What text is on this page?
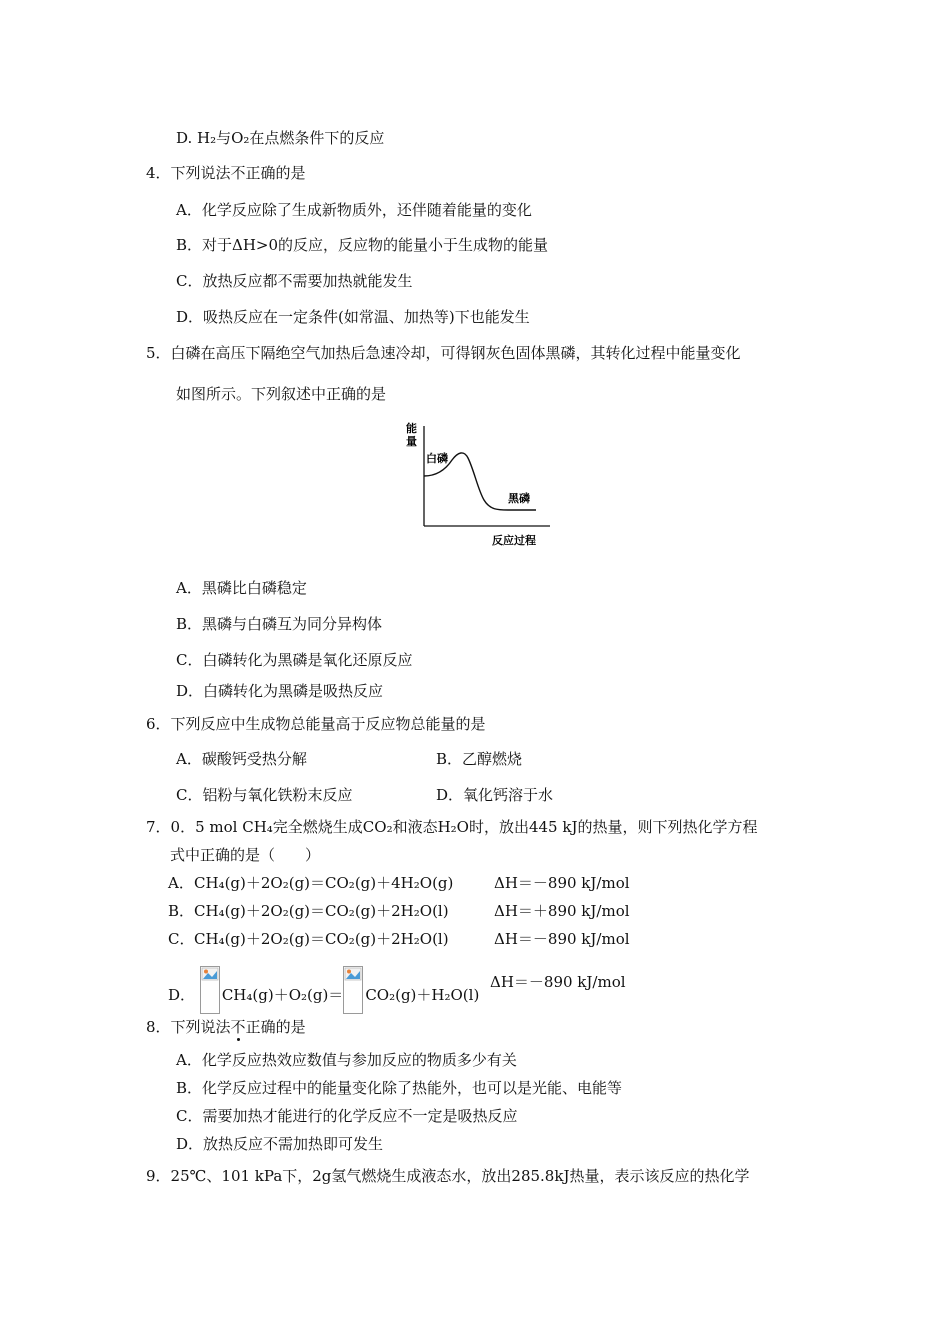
D. H₂与O₂在点燃条件下的反应
4．下列说法不正确的是
A．化学反应除了生成新物质外，还伴随着能量的变化
B．对于ΔH>0的反应，反应物的能量小于生成物的能量
C．放热反应都不需要加热就能发生
D．吸热反应在一定条件(如常温、加热等)下也能发生
5．白磷在高压下隔绝空气加热后急速冷却，可得钢灰色固体黑磷，其转化过程中能量变化
如图所示。下列叙述中正确的是
能
量
白磷
黑磷
反应过程
A．黑磷比白磷稳定
B．黑磷与白磷互为同分异构体
C．白磷转化为黑磷是氧化还原反应
D．白磷转化为黑磷是吸热反应
6．下列反应中生成物总能量高于反应物总能量的是
A．碳酸钙受热分解	B．乙醇燃烧
C．铝粉与氧化铁粉末反应	D．氧化钙溶于水
7．0．5 mol CH₄完全燃烧生成CO₂和液态H₂O时，放出445 kJ的热量，则下列热化学方程
式中正确的是（　　）
A． CH₄(g)＋2O₂(g)＝CO₂(g)＋4H₂O(g)	ΔH＝－890 kJ/mol
B． CH₄(g)＋2O₂(g)＝CO₂(g)＋2H₂O(l)	ΔH＝＋890 kJ/mol
C． CH₄(g)＋2O₂(g)＝CO₂(g)＋2H₂O(l)	ΔH＝－890 kJ/mol
D． CH₄(g)＋O₂(g)＝ CO₂(g)＋H₂O(l)
ΔH＝－890 kJ/mol
8．下列说法不正确的是
A．化学反应热效应数值与参加反应的物质多少有关
B．化学反应过程中的能量变化除了热能外，也可以是光能、电能等
C．需要加热才能进行的化学反应不一定是吸热反应
D．放热反应不需加热即可发生
9．25℃、101 kPa下，2g氢气燃烧生成液态水，放出285.8kJ热量，表示该反应的热化学
